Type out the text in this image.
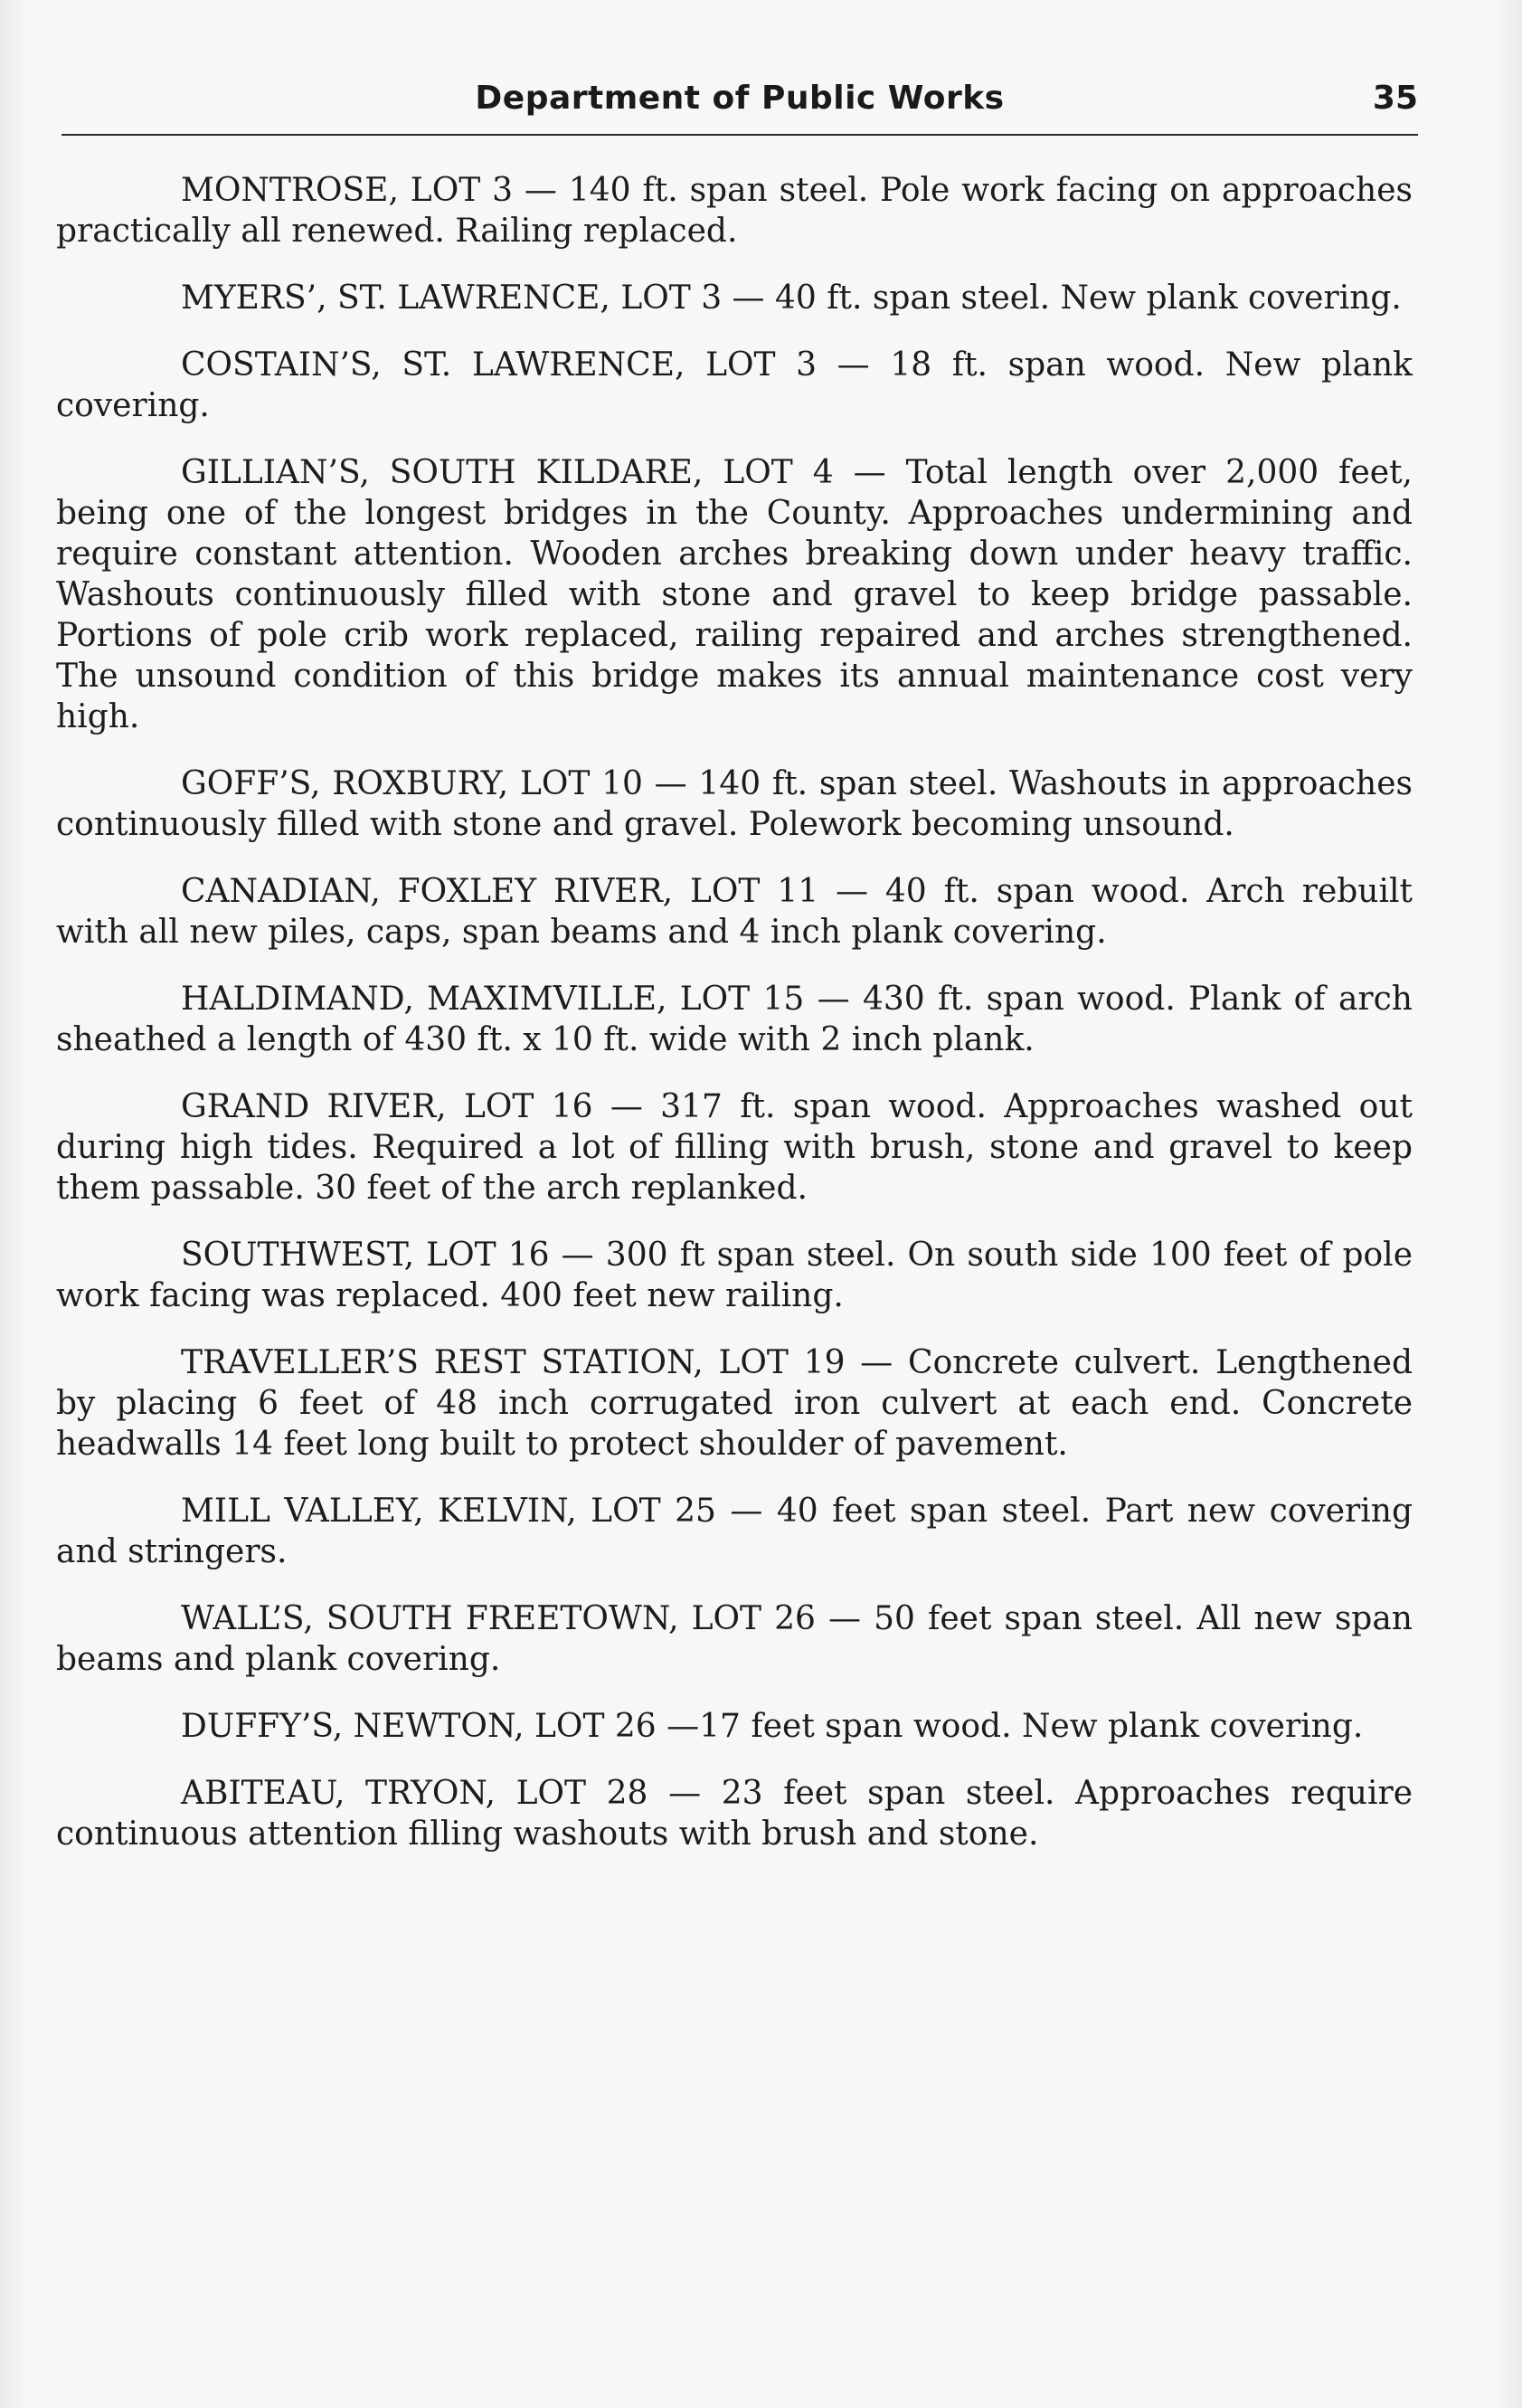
Department of Public Works	35

MONTROSE, LOT 3 — 140 ft. span steel. Pole work facing on approaches practically all renewed. Railing replaced.

MYERS’, ST. LAWRENCE, LOT 3 — 40 ft. span steel. New plank covering.

COSTAIN’S, ST. LAWRENCE, LOT 3 — 18 ft. span wood. New plank covering.

GILLIAN’S, SOUTH KILDARE, LOT 4 — Total length over 2,000 feet, being one of the longest bridges in the County. Approaches undermining and require constant attention. Wooden arches breaking down under heavy traffic. Washouts continuously filled with stone and gravel to keep bridge passable. Portions of pole crib work replaced, railing repaired and arches strengthened. The unsound condition of this bridge makes its annual maintenance cost very high.

GOFF’S, ROXBURY, LOT 10 — 140 ft. span steel. Washouts in approaches continuously filled with stone and gravel. Polework becoming unsound.

CANADIAN, FOXLEY RIVER, LOT 11 — 40 ft. span wood. Arch rebuilt with all new piles, caps, span beams and 4 inch plank covering.

HALDIMAND, MAXIMVILLE, LOT 15 — 430 ft. span wood. Plank of arch sheathed a length of 430 ft. x 10 ft. wide with 2 inch plank.

GRAND RIVER, LOT 16 — 317 ft. span wood. Approaches washed out during high tides. Required a lot of filling with brush, stone and gravel to keep them passable. 30 feet of the arch replanked.

SOUTHWEST, LOT 16 — 300 ft span steel. On south side 100 feet of pole work facing was replaced. 400 feet new railing.

TRAVELLER’S REST STATION, LOT 19 — Concrete culvert. Lengthened by placing 6 feet of 48 inch corrugated iron culvert at each end. Concrete headwalls 14 feet long built to protect shoulder of pavement.

MILL VALLEY, KELVIN, LOT 25 — 40 feet span steel. Part new covering and stringers.

WALL’S, SOUTH FREETOWN, LOT 26 — 50 feet span steel. All new span beams and plank covering.

DUFFY’S, NEWTON, LOT 26 —17 feet span wood. New plank covering.

ABITEAU, TRYON, LOT 28 — 23 feet span steel. Approaches require continuous attention filling washouts with brush and stone.
